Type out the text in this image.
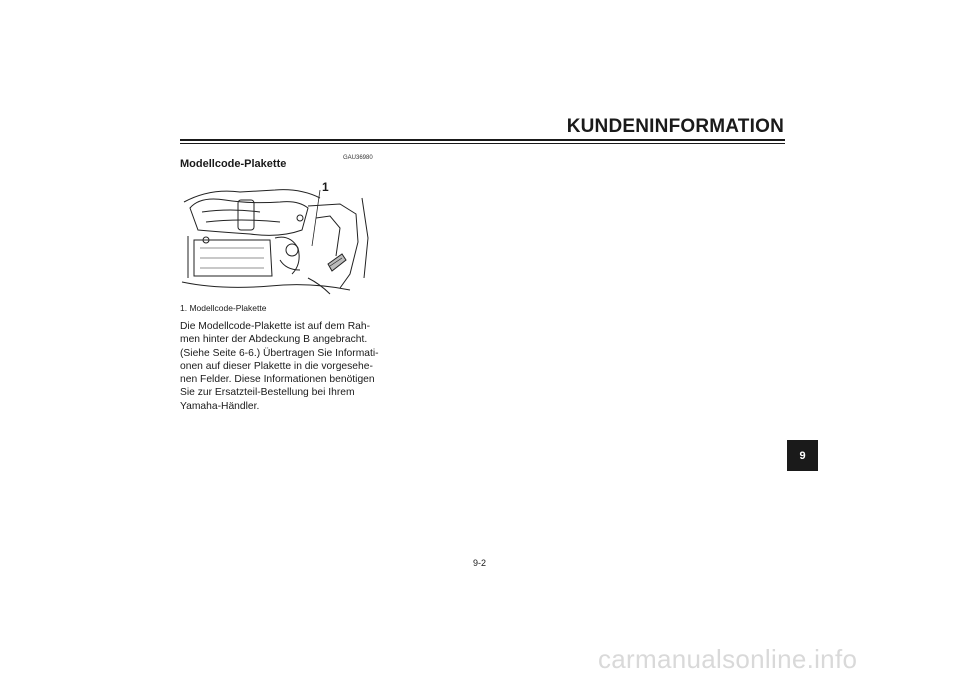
KUNDENINFORMATION
GAU36980
Modellcode-Plakette
1
1. Modellcode-Plakette
Die Modellcode-Plakette ist auf dem Rah-
men hinter der Abdeckung B angebracht.
(Siehe Seite 6-6.) Übertragen Sie Informati-
onen auf dieser Plakette in die vorgesehe-
nen Felder. Diese Informationen benötigen
Sie zur Ersatzteil-Bestellung bei Ihrem
Yamaha-Händler.
9
9-2
carmanualsonline.info
